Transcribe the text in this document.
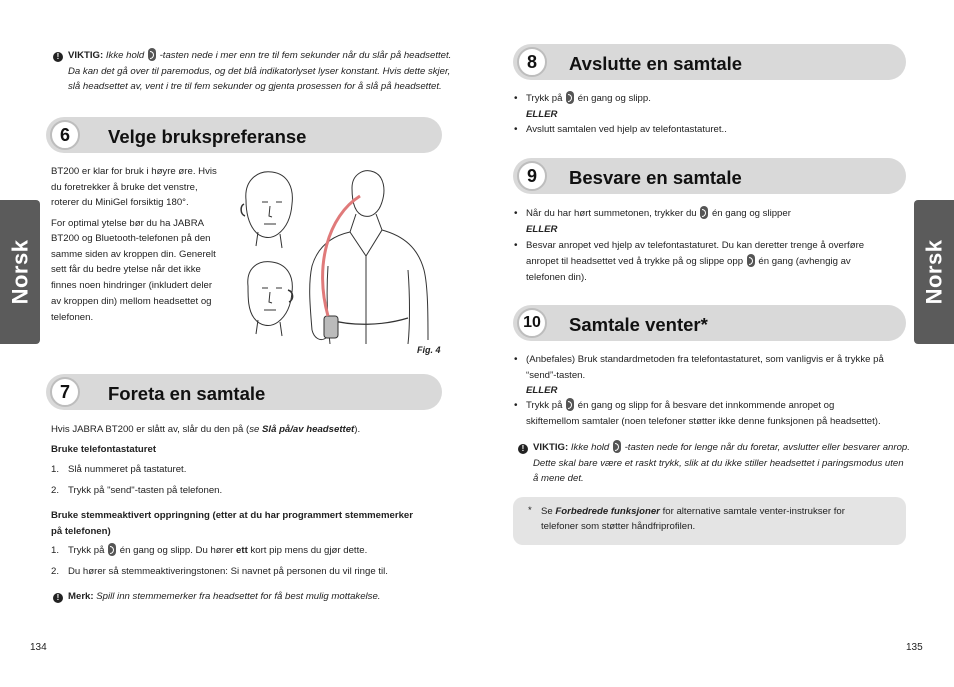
Norsk	Norsk
! VIKTIG: Ikke hold -tasten nede i mer enn tre til fem sekunder når du slår på headsettet.
Da kan det gå over til paremodus, og det blå indikatorlyset lyser konstant. Hvis dette skjer,
slå headsettet av, vent i tre til fem sekunder og gjenta prosessen for å slå på headsettet.
6	Velge brukspreferanse
BT200 er klar for bruk i høyre øre. Hvis
du foretrekker å bruke det venstre,
roterer du MiniGel forsiktig 180°.
For optimal ytelse bør du ha JABRA
BT200 og Bluetooth-telefonen på den
samme siden av kroppen din. Generelt
sett får du bedre ytelse når det ikke
finnes noen hindringer (inkludert deler
av kroppen din) mellom headsettet og
telefonen.
Fig. 4
7	Foreta en samtale
Hvis JABRA BT200 er slått av, slår du den på (se Slå på/av headsettet).
Bruke telefontastaturet
1. Slå nummeret på tastaturet.
2. Trykk på "send"-tasten på telefonen.
Bruke stemmeaktivert oppringning (etter at du har programmert stemmemerker
på telefonen)
1. Trykk på én gang og slipp. Du hører ett kort pip mens du gjør dette.
2. Du hører så stemmeaktiveringstonen: Si navnet på personen du vil ringe til.
! Merk: Spill inn stemmemerker fra headsettet for få best mulig mottakelse.
134
8	Avslutte en samtale
• Trykk på én gang og slipp.
ELLER
• Avslutt samtalen ved hjelp av telefontastaturet..
9	Besvare en samtale
• Når du har hørt summetonen, trykker du én gang og slipper
ELLER
• Besvar anropet ved hjelp av telefontastaturet. Du kan deretter trenge å overføre
anropet til headsettet ved å trykke på og slippe opp én gang (avhengig av
telefonen din).
10	Samtale venter*
• (Anbefales) Bruk standardmetoden fra telefontastaturet, som vanligvis er å trykke på
“send”-tasten.
ELLER
• Trykk på én gang og slipp for å besvare det innkommende anropet og
skiftemellom samtaler (noen telefoner støtter ikke denne funksjonen på headsettet).
! VIKTIG: Ikke hold -tasten nede for lenge når du foretar, avslutter eller besvarer anrop.
Dette skal bare være et raskt trykk, slik at du ikke stiller headsettet i paringsmodus uten
å mene det.
* Se Forbedrede funksjoner for alternative samtale venter-instrukser for
telefoner som støtter håndfriprofilen.
135
